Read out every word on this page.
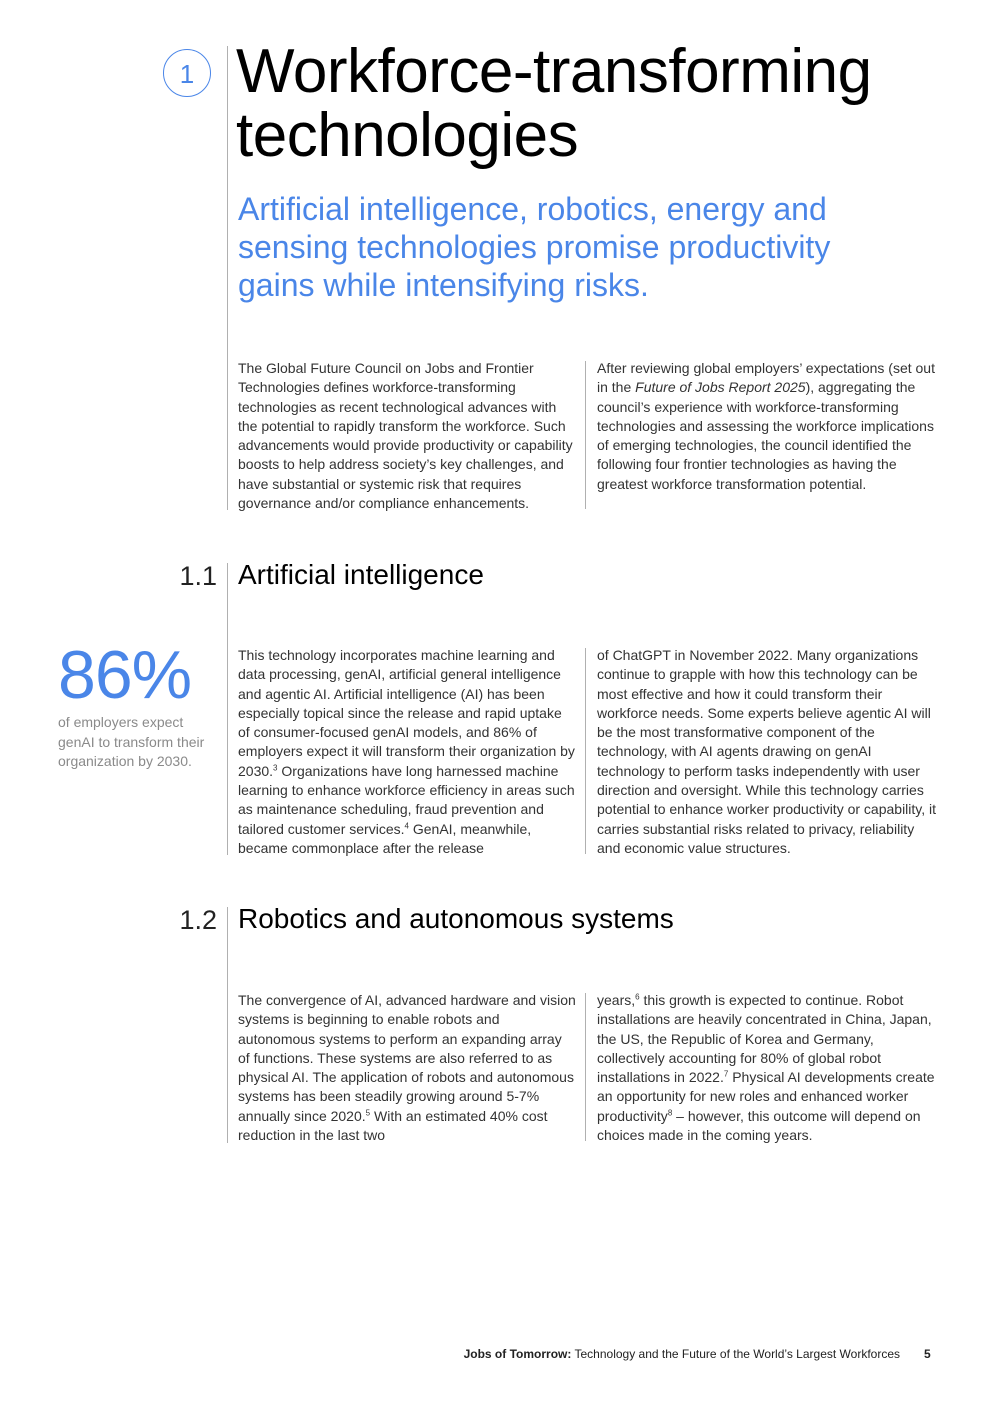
1 Workforce-transforming technologies

Artificial intelligence, robotics, energy and sensing technologies promise productivity gains while intensifying risks.

The Global Future Council on Jobs and Frontier Technologies defines workforce-transforming technologies as recent technological advances with the potential to rapidly transform the workforce. Such advancements would provide productivity or capability boosts to help address society’s key challenges, and have substantial or systemic risk that requires governance and/or compliance enhancements.

After reviewing global employers’ expectations (set out in the Future of Jobs Report 2025), aggregating the council’s experience with workforce-transforming technologies and assessing the workforce implications of emerging technologies, the council identified the following four frontier technologies as having the greatest workforce transformation potential.

1.1 Artificial intelligence
86%
of employers expect genAI to transform their organization by 2030.

This technology incorporates machine learning and data processing, genAI, artificial general intelligence and agentic AI. Artificial intelligence (AI) has been especially topical since the release and rapid uptake of consumer-focused genAI models, and 86% of employers expect it will transform their organization by 2030.$^3$ Organizations have long harnessed machine learning to enhance workforce efficiency in areas such as maintenance scheduling, fraud prevention and tailored customer services.$^4$ GenAI, meanwhile, became commonplace after the release

of ChatGPT in November 2022. Many organizations continue to grapple with how this technology can be most effective and how it could transform their workforce needs. Some experts believe agentic AI will be the most transformative component of the technology, with AI agents drawing on genAI technology to perform tasks independently with user direction and oversight. While this technology carries potential to enhance worker productivity or capability, it carries substantial risks related to privacy, reliability and economic value structures.

1.2 Robotics and autonomous systems

The convergence of AI, advanced hardware and vision systems is beginning to enable robots and autonomous systems to perform an expanding array of functions. These systems are also referred to as physical AI. The application of robots and autonomous systems has been steadily growing around 5-7% annually since 2020.$^5$ With an estimated 40% cost reduction in the last two

years,$^6$ this growth is expected to continue. Robot installations are heavily concentrated in China, Japan, the US, the Republic of Korea and Germany, collectively accounting for 80% of global robot installations in 2022.$^7$ Physical AI developments create an opportunity for new roles and enhanced worker productivity$^8$ – however, this outcome will depend on choices made in the coming years.

Jobs of Tomorrow: Technology and the Future of the World’s Largest Workforces 5
